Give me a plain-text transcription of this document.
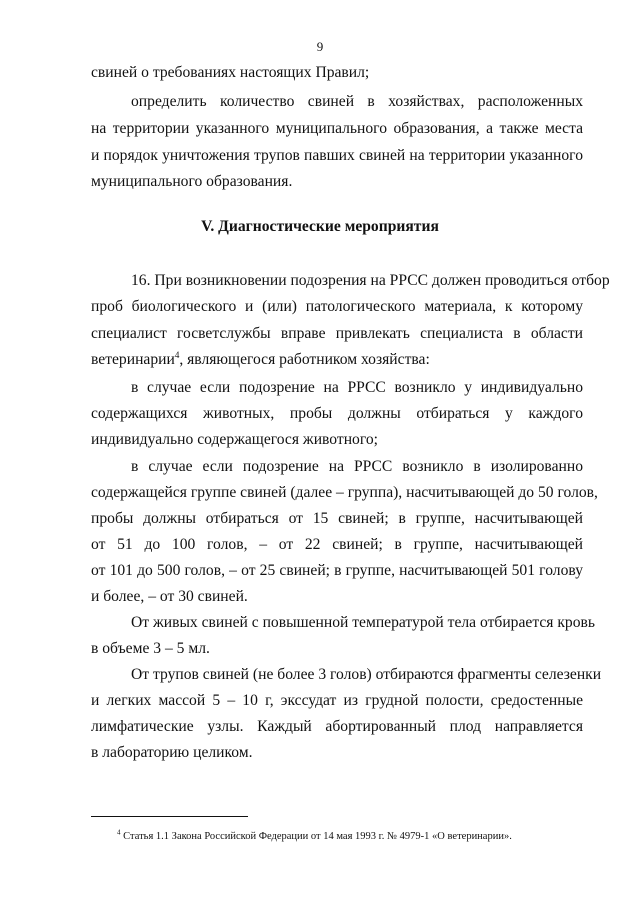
9
свиней о требованиях настоящих Правил;
определить количество свиней в хозяйствах, расположенных
на территории указанного муниципального образования, а также места
и порядок уничтожения трупов павших свиней на территории указанного
муниципального образования.
V. Диагностические мероприятия
16. При возникновении подозрения на РРСС должен проводиться отбор
проб биологического и (или) патологического материала, к которому
специалист госветслужбы вправе привлекать специалиста в области
ветеринарии$^4$, являющегося работником хозяйства:
в случае если подозрение на РРСС возникло у индивидуально
содержащихся животных, пробы должны отбираться у каждого
индивидуально содержащегося животного;
в случае если подозрение на РРСС возникло в изолированно
содержащейся группе свиней (далее – группа), насчитывающей до 50 голов,
пробы должны отбираться от 15 свиней; в группе, насчитывающей
от 51 до 100 голов, – от 22 свиней; в группе, насчитывающей
от 101 до 500 голов, – от 25 свиней; в группе, насчитывающей 501 голову
и более, – от 30 свиней.
От живых свиней с повышенной температурой тела отбирается кровь
в объеме 3 – 5 мл.
От трупов свиней (не более 3 голов) отбираются фрагменты селезенки
и легких массой 5 – 10 г, экссудат из грудной полости, средостенные
лимфатические узлы. Каждый абортированный плод направляется
в лабораторию целиком.
$^4$ Статья 1.1 Закона Российской Федерации от 14 мая 1993 г. № 4979-1 «О ветеринарии».
